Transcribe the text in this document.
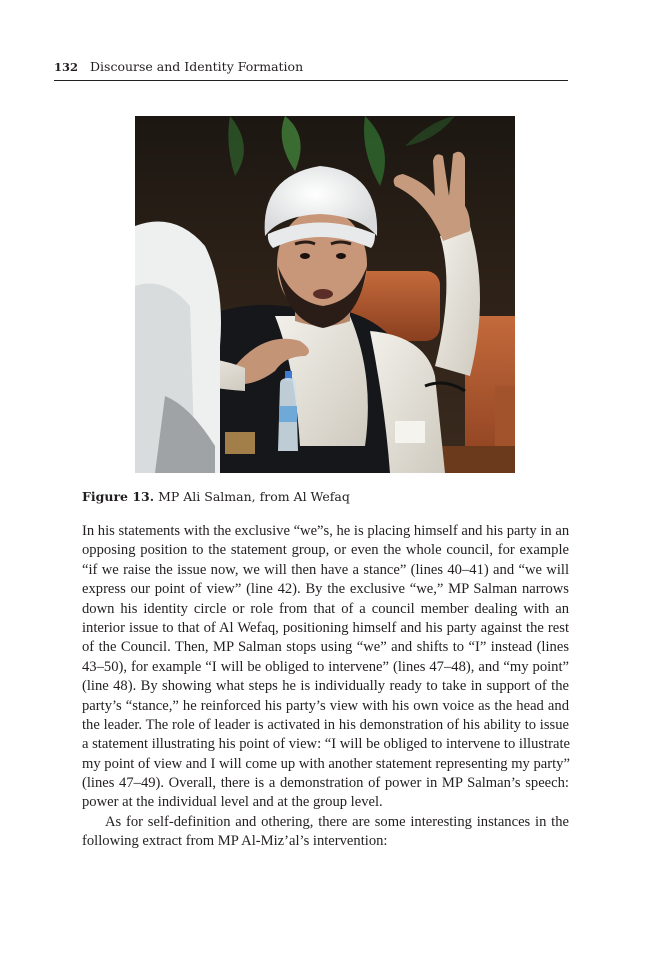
132 Discourse and Identity Formation
Figure 13. MP Ali Salman, from Al Wefaq
In his statements with the exclusive “we”s, he is placing himself and his party in an
opposing position to the statement group, or even the whole council, for example
“if we raise the issue now, we will then have a stance” (lines 40–41) and “we will
express our point of view” (line 42). By the exclusive “we,” MP Salman narrows
down his identity circle or role from that of a council member dealing with an
interior issue to that of Al Wefaq, positioning himself and his party against the rest
of the Council. Then, MP Salman stops using “we” and shifts to “I” instead (lines
43–50), for example “I will be obliged to intervene” (lines 47–48), and “my point”
(line 48). By showing what steps he is individually ready to take in support of the
party’s “stance,” he reinforced his party’s view with his own voice as the head and
the leader. The role of leader is activated in his demonstration of his ability to issue
a statement illustrating his point of view: “I will be obliged to intervene to illustrate
my point of view and I will come up with another statement representing my party”
(lines 47–49). Overall, there is a demonstration of power in MP Salman’s speech:
power at the individual level and at the group level.
As for self-definition and othering, there are some interesting instances in the
following extract from MP Al-Miz’al’s intervention:
